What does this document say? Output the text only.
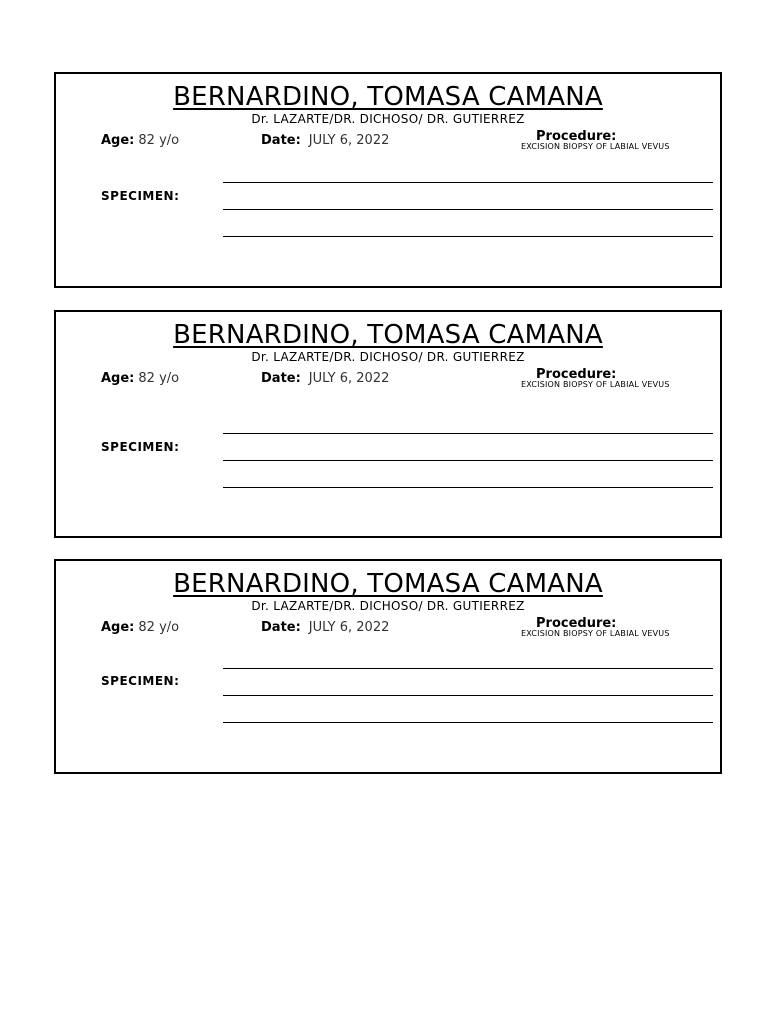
BERNARDINO, TOMASA CAMANA
Dr. LAZARTE/DR. DICHOSO/ DR. GUTIERREZ
Age: 82 y/o	Date: JULY 6, 2022	Procedure:
EXCISION BIOPSY OF LABIAL VEVUS
SPECIMEN:
BERNARDINO, TOMASA CAMANA
Dr. LAZARTE/DR. DICHOSO/ DR. GUTIERREZ
Age: 82 y/o	Date: JULY 6, 2022	Procedure:
EXCISION BIOPSY OF LABIAL VEVUS
SPECIMEN:
BERNARDINO, TOMASA CAMANA
Dr. LAZARTE/DR. DICHOSO/ DR. GUTIERREZ
Age: 82 y/o	Date: JULY 6, 2022	Procedure:
EXCISION BIOPSY OF LABIAL VEVUS
SPECIMEN:
